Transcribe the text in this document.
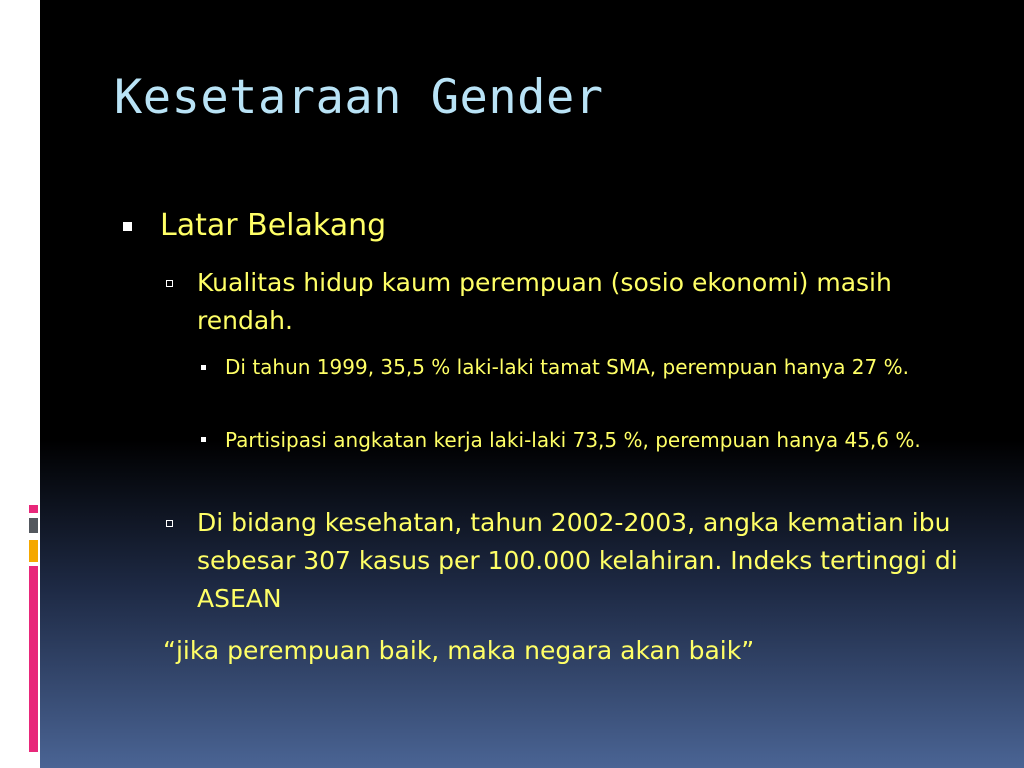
Kesetaraan Gender
Latar Belakang
Kualitas hidup kaum perempuan (sosio ekonomi) masih rendah.
Di tahun 1999, 35,5 % laki-laki tamat SMA, perempuan hanya 27 %.
Partisipasi angkatan kerja laki-laki 73,5 %, perempuan hanya 45,6 %.
Di bidang kesehatan, tahun 2002-2003, angka kematian ibu sebesar 307 kasus per 100.000 kelahiran. Indeks tertinggi di ASEAN
“jika perempuan baik, maka negara akan baik”
